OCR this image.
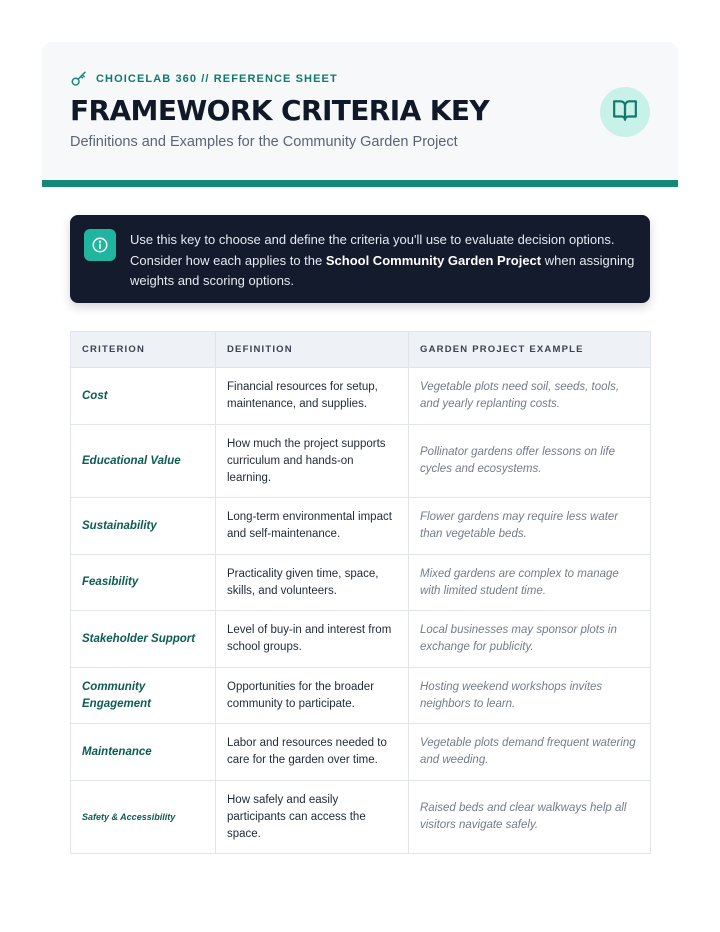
CHOICELAB 360 // REFERENCE SHEET
FRAMEWORK CRITERIA KEY
Definitions and Examples for the Community Garden Project
Use this key to choose and define the criteria you'll use to evaluate decision options. Consider how each applies to the School Community Garden Project when assigning weights and scoring options.
CRITERION	DEFINITION	GARDEN PROJECT EXAMPLE
Cost	Financial resources for setup, maintenance, and supplies.	Vegetable plots need soil, seeds, tools, and yearly replanting costs.
Educational Value	How much the project supports curriculum and hands-on learning.	Pollinator gardens offer lessons on life cycles and ecosystems.
Sustainability	Long-term environmental impact and self-maintenance.	Flower gardens may require less water than vegetable beds.
Feasibility	Practicality given time, space, skills, and volunteers.	Mixed gardens are complex to manage with limited student time.
Stakeholder Support	Level of buy-in and interest from school groups.	Local businesses may sponsor plots in exchange for publicity.
Community Engagement	Opportunities for the broader community to participate.	Hosting weekend workshops invites neighbors to learn.
Maintenance	Labor and resources needed to care for the garden over time.	Vegetable plots demand frequent watering and weeding.
Safety & Accessibility	How safely and easily participants can access the space.	Raised beds and clear walkways help all visitors navigate safely.
